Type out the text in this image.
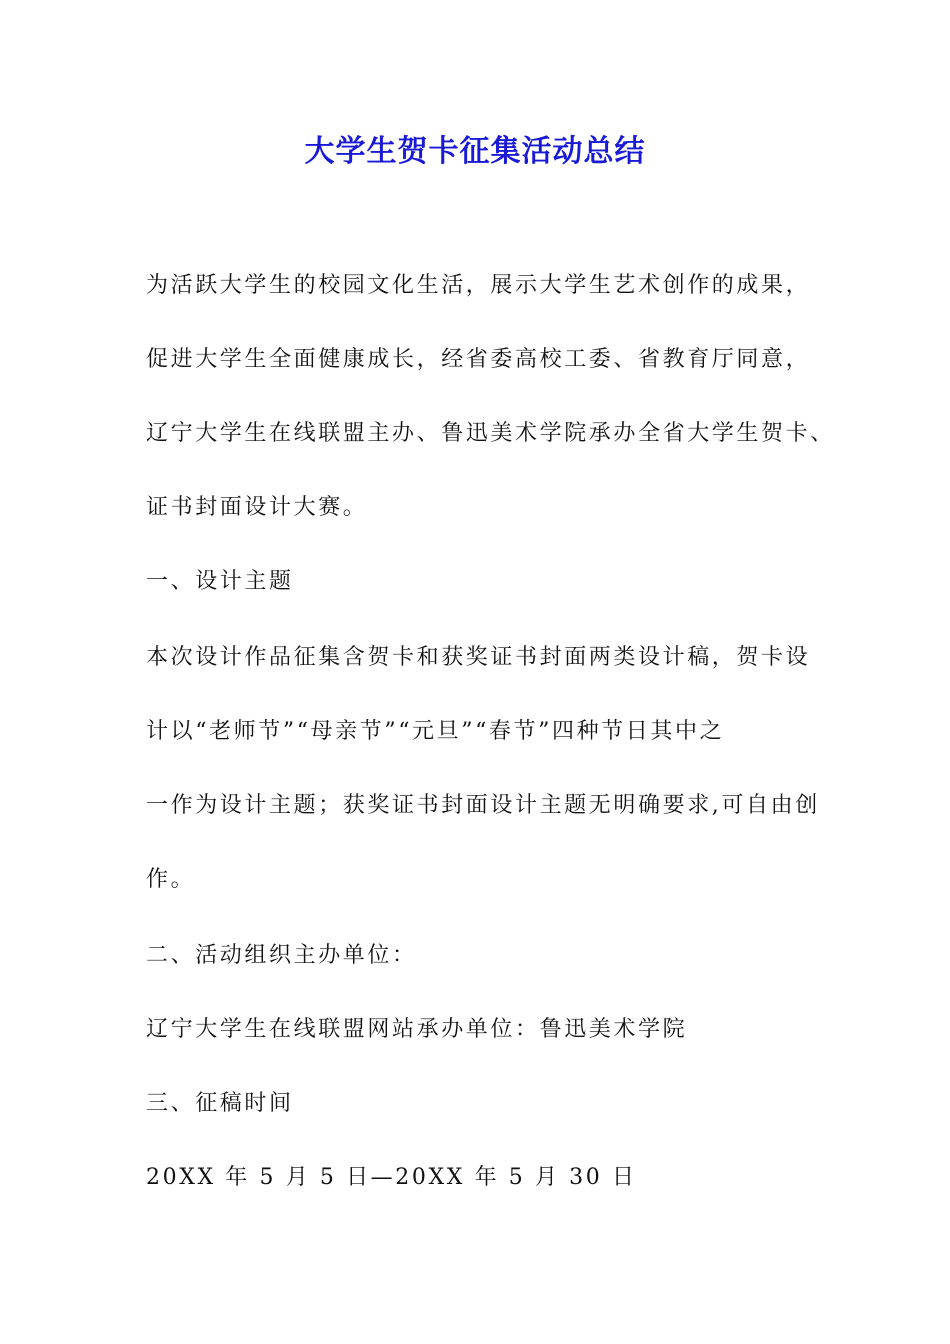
大学生贺卡征集活动总结

为活跃大学生的校园文化生活，展示大学生艺术创作的成果，

促进大学生全面健康成长，经省委高校工委、省教育厅同意，

辽宁大学生在线联盟主办、鲁迅美术学院承办全省大学生贺卡、

证书封面设计大赛。

一、设计主题

本次设计作品征集含贺卡和获奖证书封面两类设计稿，贺卡设

计以“老师节”“母亲节”“元旦”“春节”四种节日其中之

一作为设计主题；获奖证书封面设计主题无明确要求,可自由创

作。

二、活动组织主办单位：

辽宁大学生在线联盟网站承办单位：鲁迅美术学院

三、征稿时间

20XX 年 5 月 5 日—20XX 年 5 月 30 日
